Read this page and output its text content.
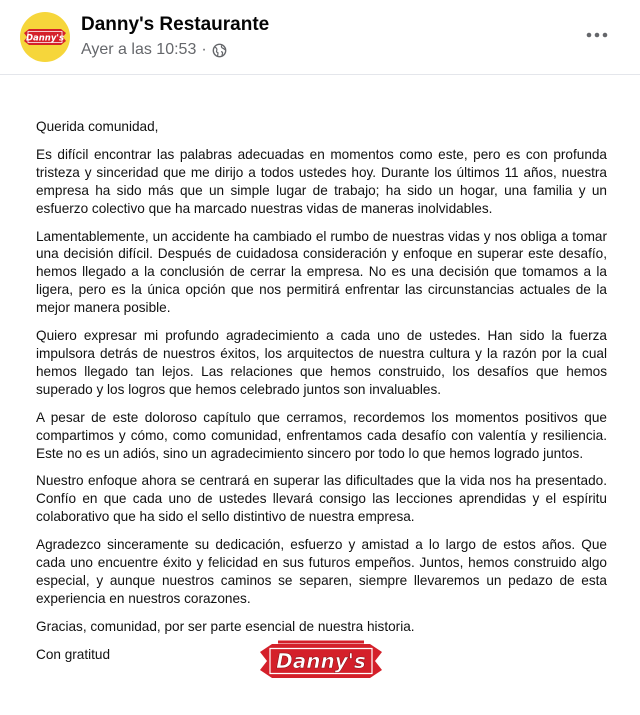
Danny's
Danny's Restaurante
Ayer a las 10:53 ·

Querida comunidad,

Es difícil encontrar las palabras adecuadas en momentos como este, pero es con profunda tristeza y sinceridad que me dirijo a todos ustedes hoy. Durante los últimos 11 años, nuestra empresa ha sido más que un simple lugar de trabajo; ha sido un hogar, una familia y un esfuerzo colectivo que ha marcado nuestras vidas de maneras inolvidables.

Lamentablemente, un accidente ha cambiado el rumbo de nuestras vidas y nos obliga a tomar una decisión difícil. Después de cuidadosa consideración y enfoque en superar este desafío, hemos llegado a la conclusión de cerrar la empresa. No es una decisión que tomamos a la ligera, pero es la única opción que nos permitirá enfrentar las circunstancias actuales de la mejor manera posible.

Quiero expresar mi profundo agradecimiento a cada uno de ustedes. Han sido la fuerza impulsora detrás de nuestros éxitos, los arquitectos de nuestra cultura y la razón por la cual hemos llegado tan lejos. Las relaciones que hemos construido, los desafíos que hemos superado y los logros que hemos celebrado juntos son invaluables.

A pesar de este doloroso capítulo que cerramos, recordemos los momentos positivos que compartimos y cómo, como comunidad, enfrentamos cada desafío con valentía y resiliencia. Este no es un adiós, sino un agradecimiento sincero por todo lo que hemos logrado juntos.

Nuestro enfoque ahora se centrará en superar las dificultades que la vida nos ha presentado. Confío en que cada uno de ustedes llevará consigo las lecciones aprendidas y el espíritu colaborativo que ha sido el sello distintivo de nuestra empresa.

Agradezco sinceramente su dedicación, esfuerzo y amistad a lo largo de estos años. Que cada uno encuentre éxito y felicidad en sus futuros empeños. Juntos, hemos construido algo especial, y aunque nuestros caminos se separen, siempre llevaremos un pedazo de esta experiencia en nuestros corazones.

Gracias, comunidad, por ser parte esencial de nuestra historia.

Con gratitud	Danny's
